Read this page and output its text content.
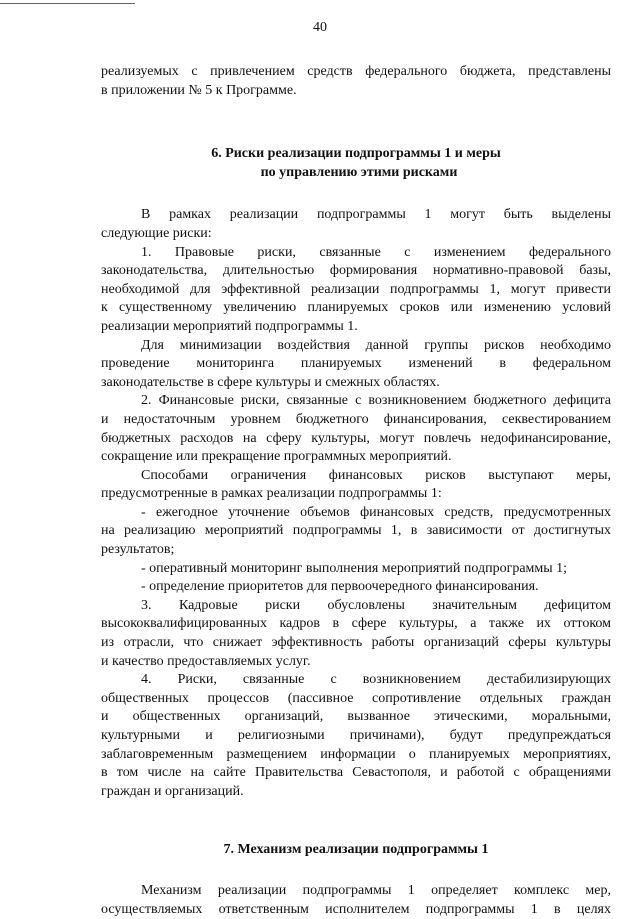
40

реализуемых с привлечением средств федерального бюджета, представлены

в приложении № 5 к Программе.

6. Риски реализации подпрограммы 1 и меры

по управлению этими рисками

В рамках реализации подпрограммы 1 могут быть выделены

следующие риски:

1. Правовые риски, связанные с изменением федерального

законодательства, длительностью формирования нормативно-правовой базы,

необходимой для эффективной реализации подпрограммы 1, могут привести

к существенному увеличению планируемых сроков или изменению условий

реализации мероприятий подпрограммы 1.

Для минимизации воздействия данной группы рисков необходимо

проведение мониторинга планируемых изменений в федеральном

законодательстве в сфере культуры и смежных областях.

2. Финансовые риски, связанные с возникновением бюджетного дефицита

и недостаточным уровнем бюджетного финансирования, секвестированием

бюджетных расходов на сферу культуры, могут повлечь недофинансирование,

сокращение или прекращение программных мероприятий.

Способами ограничения финансовых рисков выступают меры,

предусмотренные в рамках реализации подпрограммы 1:

- ежегодное уточнение объемов финансовых средств, предусмотренных

на реализацию мероприятий подпрограммы 1, в зависимости от достигнутых

результатов;

- оперативный мониторинг выполнения мероприятий подпрограммы 1;

- определение приоритетов для первоочередного финансирования.

3. Кадровые риски обусловлены значительным дефицитом

высококвалифицированных кадров в сфере культуры, а также их оттоком

из отрасли, что снижает эффективность работы организаций сферы культуры

и качество предоставляемых услуг.

4. Риски, связанные с возникновением дестабилизирующих

общественных процессов (пассивное сопротивление отдельных граждан

и общественных организаций, вызванное этическими, моральными,

культурными и религиозными причинами), будут предупреждаться

заблаговременным размещением информации о планируемых мероприятиях,

в том числе на сайте Правительства Севастополя, и работой с обращениями

граждан и организаций.

7. Механизм реализации подпрограммы 1

Механизм реализации подпрограммы 1 определяет комплекс мер,

осуществляемых ответственным исполнителем подпрограммы 1 в целях
